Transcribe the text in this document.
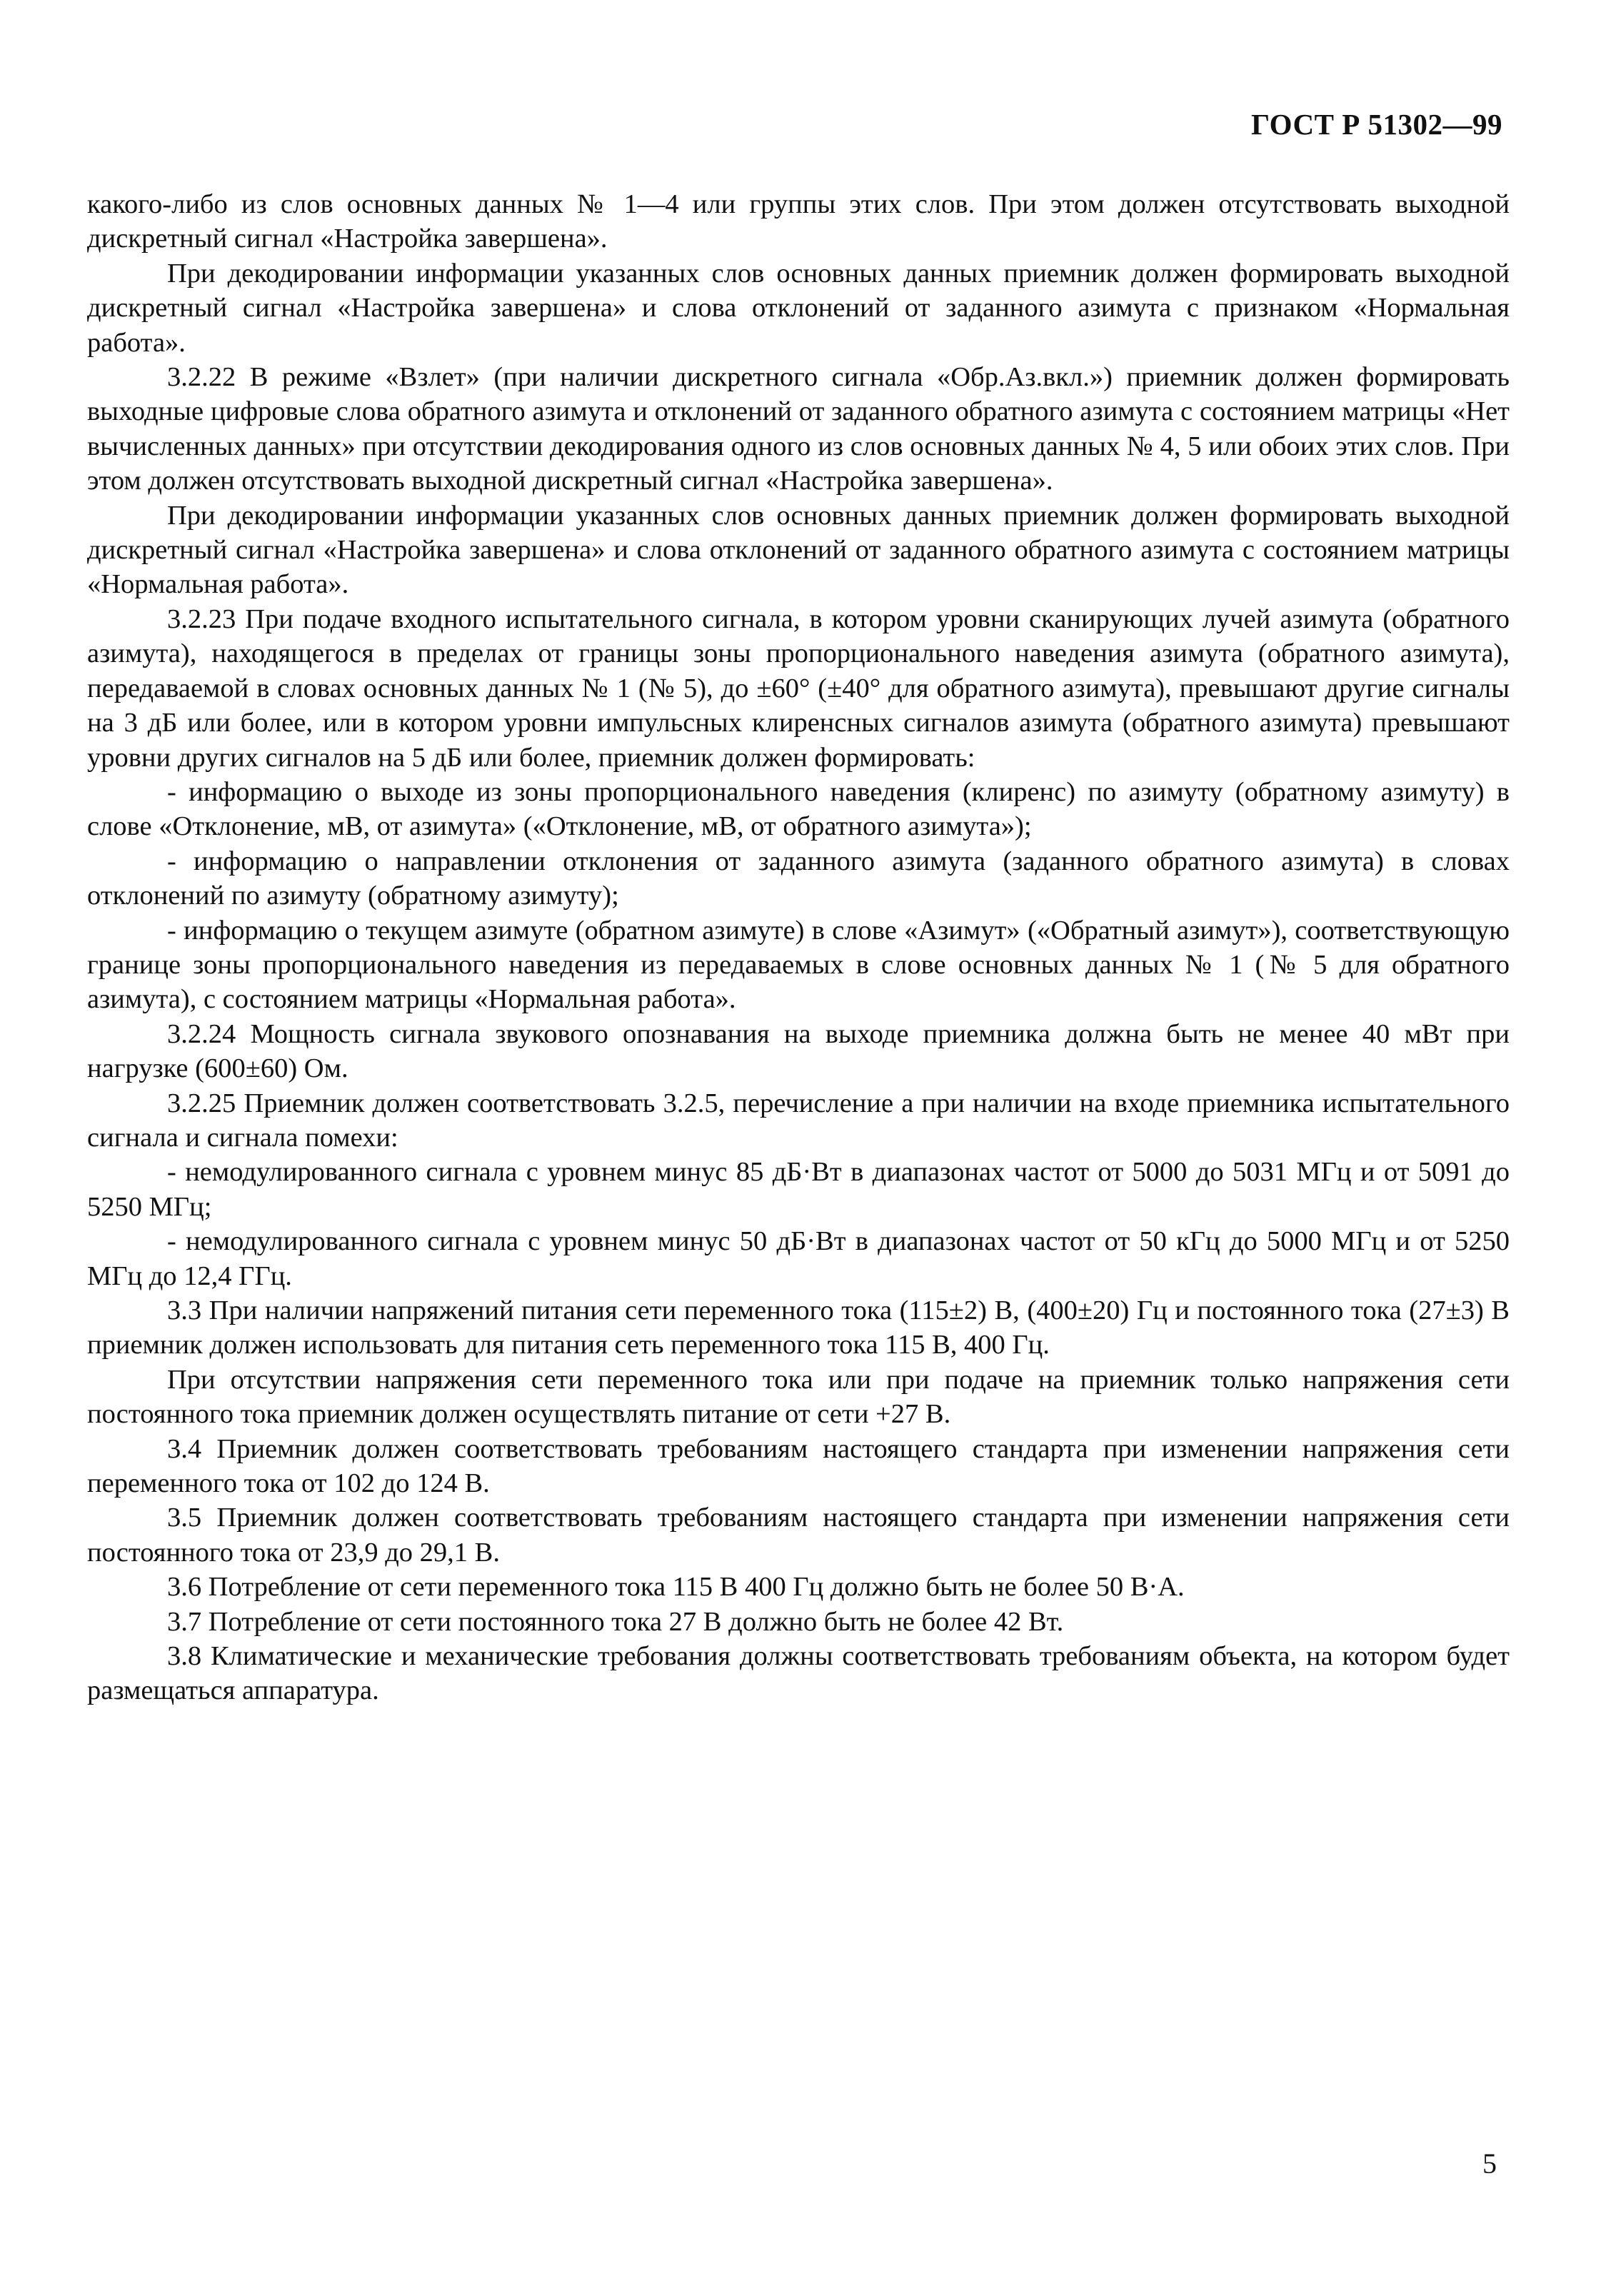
ГОСТ Р 51302—99

какого-либо из слов основных данных № 1—4 или группы этих слов. При этом должен отсутствовать выходной дискретный сигнал «Настройка завершена».

При декодировании информации указанных слов основных данных приемник должен формировать выходной дискретный сигнал «Настройка завершена» и слова отклонений от заданного азимута с признаком «Нормальная работа».

3.2.22 В режиме «Взлет» (при наличии дискретного сигнала «Обр.Аз.вкл.») приемник должен формировать выходные цифровые слова обратного азимута и отклонений от заданного обратного азимута с состоянием матрицы «Нет вычисленных данных» при отсутствии декодирования одного из слов основных данных № 4, 5 или обоих этих слов. При этом должен отсутствовать выходной дискретный сигнал «Настройка завершена».

При декодировании информации указанных слов основных данных приемник должен формировать выходной дискретный сигнал «Настройка завершена» и слова отклонений от заданного обратного азимута с состоянием матрицы «Нормальная работа».

3.2.23 При подаче входного испытательного сигнала, в котором уровни сканирующих лучей азимута (обратного азимута), находящегося в пределах от границы зоны пропорционального наведения азимута (обратного азимута), передаваемой в словах основных данных № 1 (№ 5), до ±60° (±40° для обратного азимута), превышают другие сигналы на 3 дБ или более, или в котором уровни импульсных клиренсных сигналов азимута (обратного азимута) превышают уровни других сигналов на 5 дБ или более, приемник должен формировать:

- информацию о выходе из зоны пропорционального наведения (клиренс) по азимуту (обратному азимуту) в слове «Отклонение, мВ, от азимута» («Отклонение, мВ, от обратного азимута»);

- информацию о направлении отклонения от заданного азимута (заданного обратного азимута) в словах отклонений по азимуту (обратному азимуту);

- информацию о текущем азимуте (обратном азимуте) в слове «Азимут» («Обратный азимут»), соответствующую границе зоны пропорционального наведения из передаваемых в слове основных данных № 1 (№ 5 для обратного азимута), с состоянием матрицы «Нормальная работа».

3.2.24 Мощность сигнала звукового опознавания на выходе приемника должна быть не менее 40 мВт при нагрузке (600±60) Ом.

3.2.25 Приемник должен соответствовать 3.2.5, перечисление а при наличии на входе приемника испытательного сигнала и сигнала помехи:

- немодулированного сигнала с уровнем минус 85 дБ·Вт в диапазонах частот от 5000 до 5031 МГц и от 5091 до 5250 МГц;

- немодулированного сигнала с уровнем минус 50 дБ·Вт в диапазонах частот от 50 кГц до 5000 МГц и от 5250 МГц до 12,4 ГГц.

3.3 При наличии напряжений питания сети переменного тока (115±2) В, (400±20) Гц и постоянного тока (27±3) В приемник должен использовать для питания сеть переменного тока 115 В, 400 Гц.

При отсутствии напряжения сети переменного тока или при подаче на приемник только напряжения сети постоянного тока приемник должен осуществлять питание от сети +27 В.

3.4 Приемник должен соответствовать требованиям настоящего стандарта при изменении напряжения сети переменного тока от 102 до 124 В.

3.5 Приемник должен соответствовать требованиям настоящего стандарта при изменении напряжения сети постоянного тока от 23,9 до 29,1 В.

3.6 Потребление от сети переменного тока 115 В 400 Гц должно быть не более 50 В·А.

3.7 Потребление от сети постоянного тока 27 В должно быть не более 42 Вт.

3.8 Климатические и механические требования должны соответствовать требованиям объекта, на котором будет размещаться аппаратура.

5
